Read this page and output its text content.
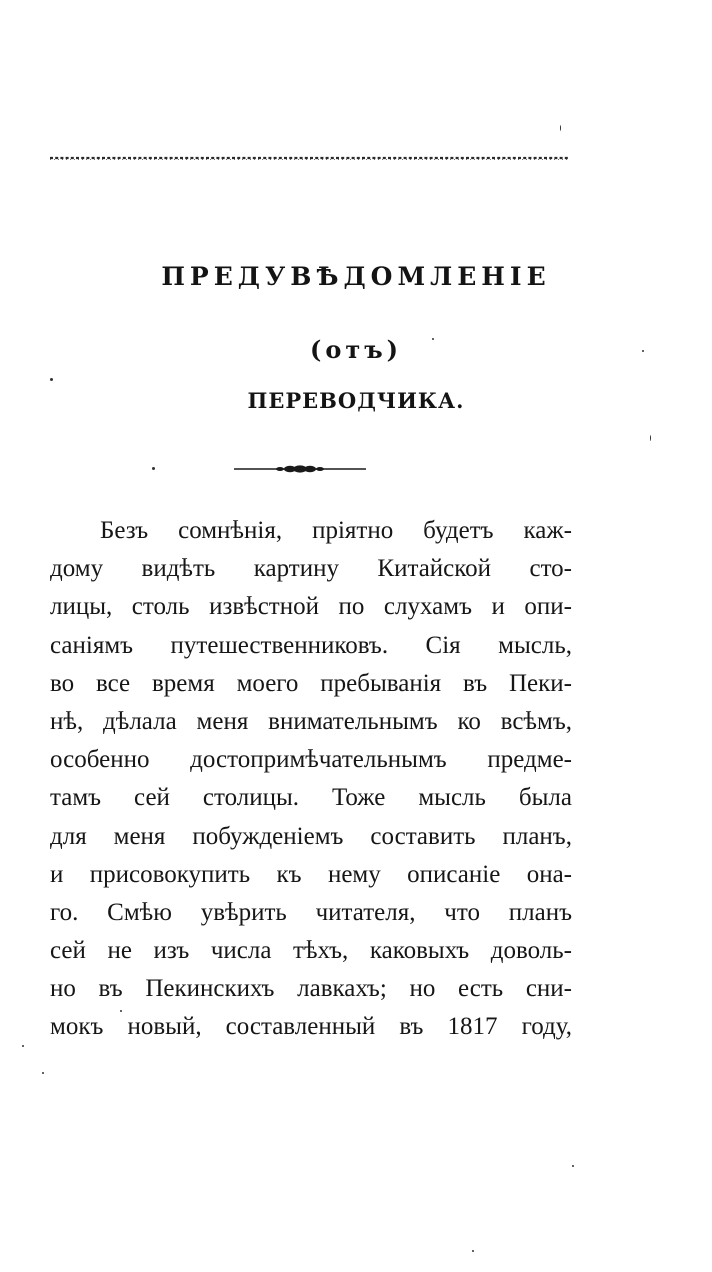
ПРЕДУВѢДОМЛЕНІЕ
(отъ)
ПЕРЕВОДЧИКА.
Безъ сомнѣнія, пріятно будетъ каж-
дому видѣть картину Китайской сто-
лицы, столь извѣстной по слухамъ и опи-
саніямъ путешественниковъ. Сія мысль,
во все время моего пребыванія въ Пеки-
нѣ, дѣлала меня внимательнымъ ко всѣмъ,
особенно достопримѣчательнымъ предме-
тамъ сей столицы. Тоже мысль была
для меня побужденіемъ составить планъ,
и присовокупить къ нему описаніе она-
го. Смѣю увѣрить читателя, что планъ
сей не изъ числа тѣхъ, каковыхъ доволь-
но въ Пекинскихъ лавкахъ; но есть сни-
мокъ новый, составленный въ 1817 году,
